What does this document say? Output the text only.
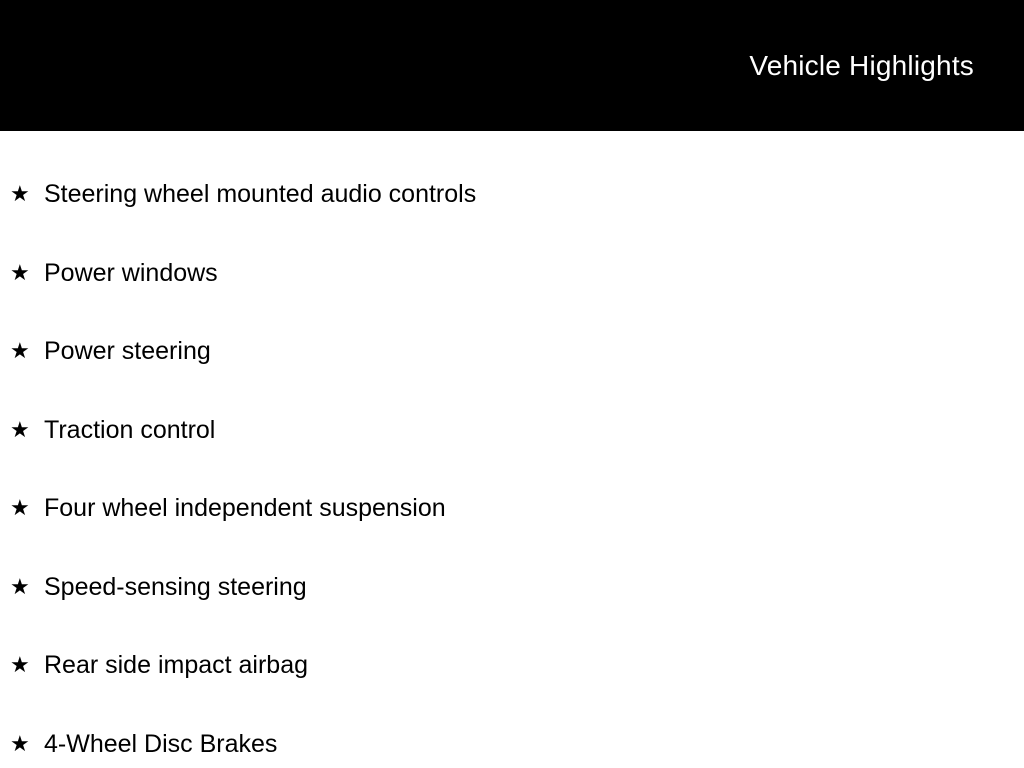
Vehicle Highlights
★ Steering wheel mounted audio controls
★ Power windows
★ Power steering
★ Traction control
★ Four wheel independent suspension
★ Speed-sensing steering
★ Rear side impact airbag
★ 4-Wheel Disc Brakes
